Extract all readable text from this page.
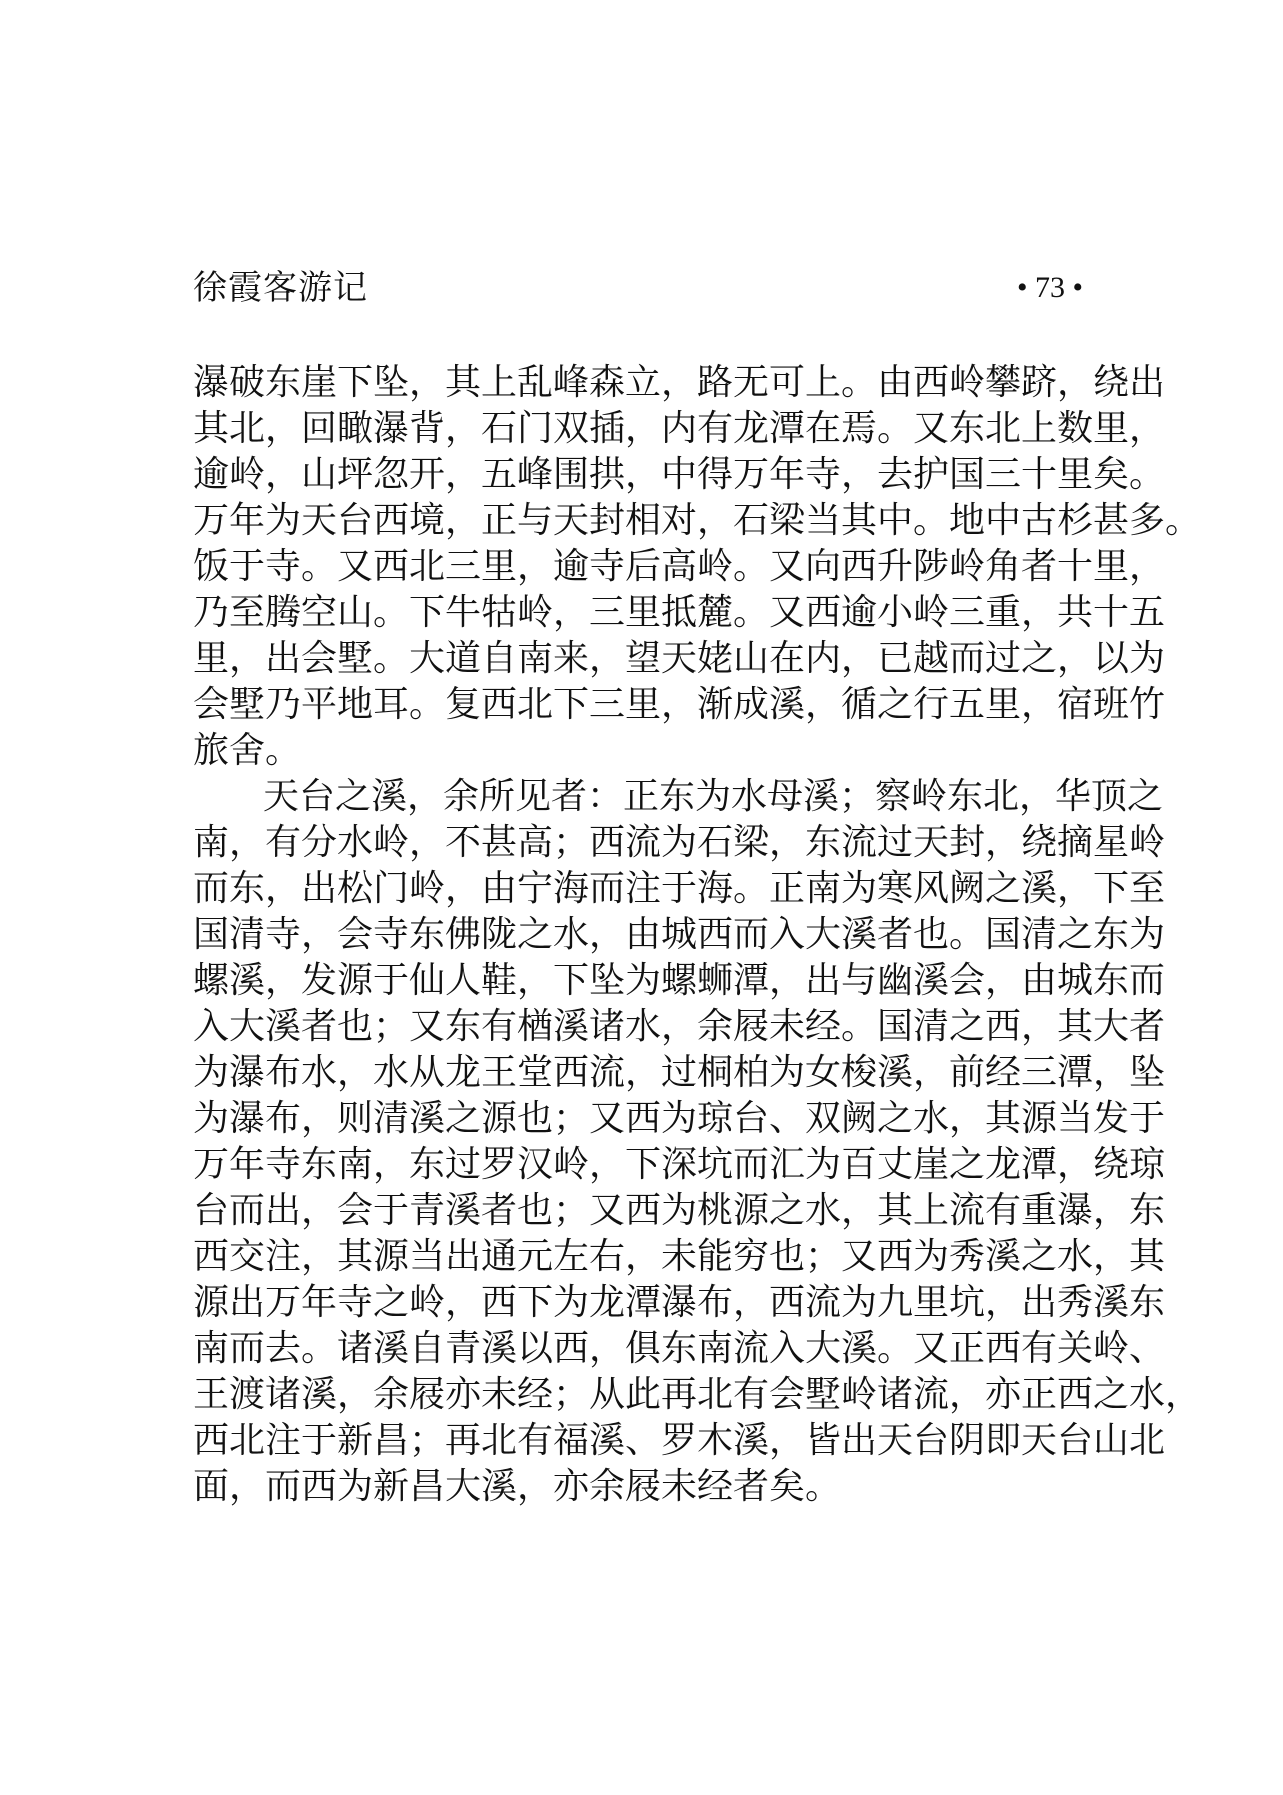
徐霞客游记	• 73 •
瀑破东崖下坠，其上乱峰森立，路无可上。由西岭攀跻，绕出
其北，回瞰瀑背，石门双插，内有龙潭在焉。又东北上数里，
逾岭，山坪忽开，五峰围拱，中得万年寺，去护国三十里矣。
万年为天台西境，正与天封相对，石梁当其中。地中古杉甚多。
饭于寺。又西北三里，逾寺后高岭。又向西升陟岭角者十里，
乃至腾空山。下牛牯岭，三里抵麓。又西逾小岭三重，共十五
里，出会墅。大道自南来，望天姥山在内，已越而过之，以为
会墅乃平地耳。复西北下三里，渐成溪，循之行五里，宿班竹
旅舍。
天台之溪，余所见者：正东为水母溪；察岭东北，华顶之
南，有分水岭，不甚高；西流为石梁，东流过天封，绕摘星岭
而东，出松门岭，由宁海而注于海。正南为寒风阙之溪，下至
国清寺，会寺东佛陇之水，由城西而入大溪者也。国清之东为
螺溪，发源于仙人鞋，下坠为螺蛳潭，出与幽溪会，由城东而
入大溪者也；又东有楢溪诸水，余屐未经。国清之西，其大者
为瀑布水，水从龙王堂西流，过桐柏为女梭溪，前经三潭，坠
为瀑布，则清溪之源也；又西为琼台、双阙之水，其源当发于
万年寺东南，东过罗汉岭，下深坑而汇为百丈崖之龙潭，绕琼
台而出，会于青溪者也；又西为桃源之水，其上流有重瀑，东
西交注，其源当出通元左右，未能穷也；又西为秀溪之水，其
源出万年寺之岭，西下为龙潭瀑布，西流为九里坑，出秀溪东
南而去。诸溪自青溪以西，俱东南流入大溪。又正西有关岭、
王渡诸溪，余屐亦未经；从此再北有会墅岭诸流，亦正西之水，
西北注于新昌；再北有福溪、罗木溪，皆出天台阴即天台山北
面，而西为新昌大溪，亦余屐未经者矣。
